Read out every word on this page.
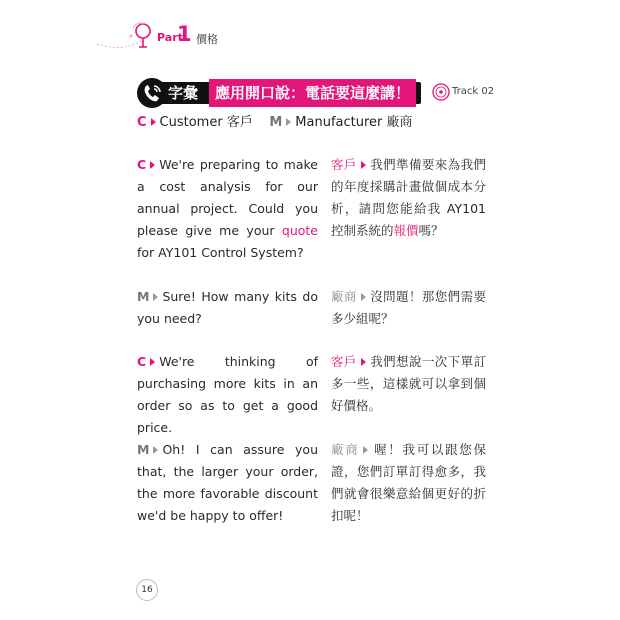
Part
1 價格
字彙	應用開口說：電話要這麼講！	Track 02
C Customer 客戶 M Manufacturer 廠商
C We're preparing to make a cost analysis for our annual project. Could you please give me your quote for AY101 Control System?
客戶 我們準備要來為我們的年度採購計畫做個成本分析，請問您能給我 AY101 控制系統的報價嗎？
M Sure! How many kits do you need?
廠商 沒問題！那您們需要多少組呢？
C We're thinking of purchasing more kits in an order so as to get a good price.
客戶 我們想說一次下單訂多一些，這樣就可以拿到個好價格。
M Oh! I can assure you that, the larger your order, the more favorable discount we'd be happy to offer!
廠商 喔！我可以跟您保證，您們訂單訂得愈多，我們就會很樂意給個更好的折扣呢！
16
